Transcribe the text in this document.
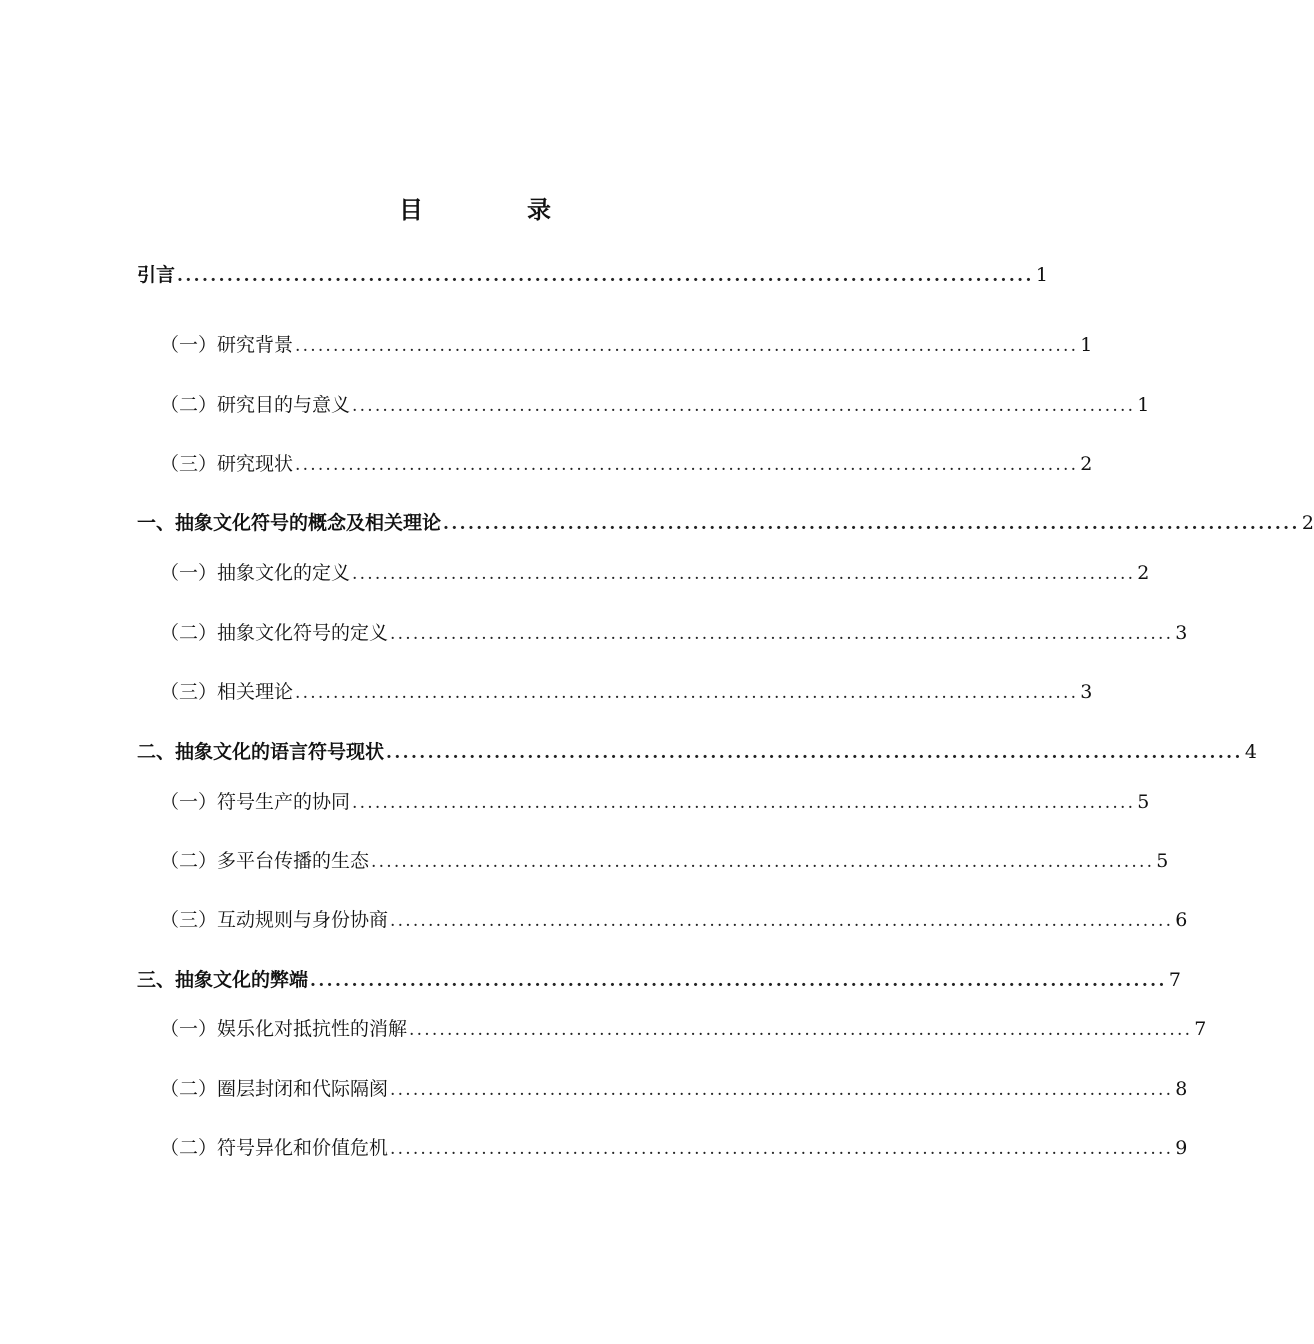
目	录
引言 ....................................................................................................... 1
（一）研究背景 ....................................................................................................... 1
（二）研究目的与意义 ....................................................................................................... 1
（三）研究现状 ....................................................................................................... 2
一、抽象文化符号的概念及相关理论 ....................................................................................................... 2
（一）抽象文化的定义 ....................................................................................................... 2
（二）抽象文化符号的定义 ....................................................................................................... 3
（三）相关理论 ....................................................................................................... 3
二、抽象文化的语言符号现状 ....................................................................................................... 4
（一）符号生产的协同 ....................................................................................................... 5
（二）多平台传播的生态 ....................................................................................................... 5
（三）互动规则与身份协商 ....................................................................................................... 6
三、抽象文化的弊端 ....................................................................................................... 7
（一）娱乐化对抵抗性的消解 ....................................................................................................... 7
（二）圈层封闭和代际隔阂 ....................................................................................................... 8
（二）符号异化和价值危机 ....................................................................................................... 9
